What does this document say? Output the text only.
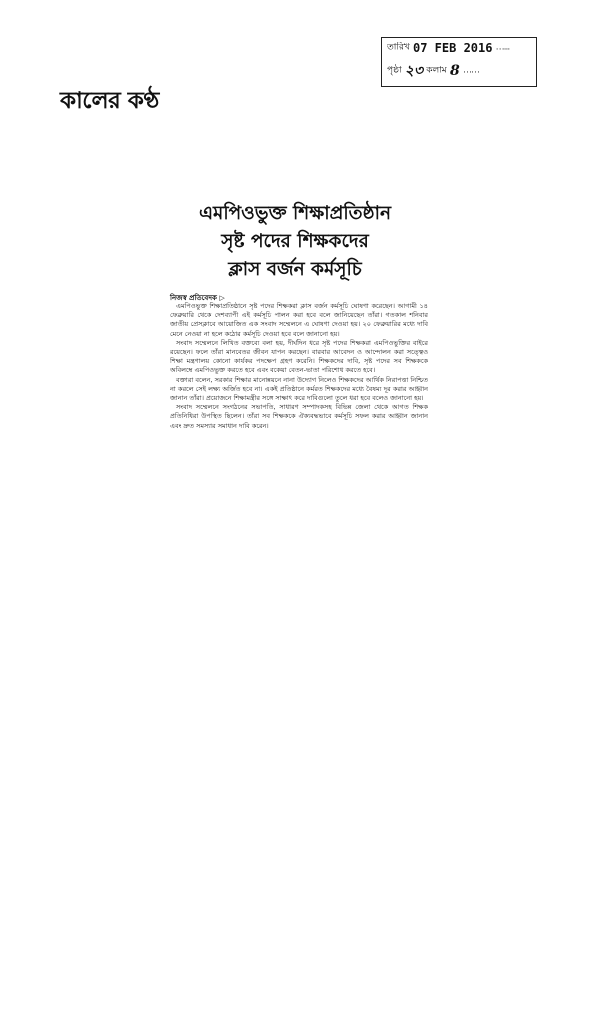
তারিখ 07 FEB 2016 …...
পৃষ্ঠা ২৩ কলাম 8 ……
কালের কণ্ঠ

এমপিওভুক্ত শিক্ষাপ্রতিষ্ঠান

সৃষ্ট পদের শিক্ষকদের

ক্লাস বর্জন কর্মসূচি

নিজস্ব প্রতিবেদক ▷

এমপিওভুক্ত শিক্ষাপ্রতিষ্ঠানে সৃষ্ট পদের শিক্ষকরা ক্লাস বর্জন কর্মসূচি ঘোষণা করেছেন। আগামী ১৪ ফেব্রুয়ারি থেকে দেশব্যাপী এই কর্মসূচি পালন করা হবে বলে জানিয়েছেন তাঁরা। গতকাল শনিবার জাতীয় প্রেসক্লাবে আয়োজিত এক সংবাদ সম্মেলনে এ ঘোষণা দেওয়া হয়। ২০ ফেব্রুয়ারির মধ্যে দাবি মেনে নেওয়া না হলে কঠোর কর্মসূচি দেওয়া হবে বলে জানানো হয়।

সংবাদ সম্মেলনে লিখিত বক্তব্যে বলা হয়, দীর্ঘদিন ধরে সৃষ্ট পদের শিক্ষকরা এমপিওভুক্তির বাইরে রয়েছেন। ফলে তাঁরা মানবেতর জীবন যাপন করছেন। বারবার আবেদন ও আন্দোলন করা সত্ত্বেও শিক্ষা মন্ত্রণালয় কোনো কার্যকর পদক্ষেপ গ্রহণ করেনি। শিক্ষকদের দাবি, সৃষ্ট পদের সব শিক্ষককে অবিলম্বে এমপিওভুক্ত করতে হবে এবং বকেয়া বেতন-ভাতা পরিশোধ করতে হবে।

বক্তারা বলেন, সরকার শিক্ষার মানোন্নয়নে নানা উদ্যোগ নিলেও শিক্ষকদের আর্থিক নিরাপত্তা নিশ্চিত না করলে সেই লক্ষ্য অর্জিত হবে না। একই প্রতিষ্ঠানে কর্মরত শিক্ষকদের মধ্যে বৈষম্য দূর করার আহ্বান জানান তাঁরা। প্রয়োজনে শিক্ষামন্ত্রীর সঙ্গে সাক্ষাৎ করে দাবিগুলো তুলে ধরা হবে বলেও জানানো হয়।

সংবাদ সম্মেলনে সংগঠনের সভাপতি, সাধারণ সম্পাদকসহ বিভিন্ন জেলা থেকে আগত শিক্ষক প্রতিনিধিরা উপস্থিত ছিলেন। তাঁরা সব শিক্ষককে ঐক্যবদ্ধভাবে কর্মসূচি সফল করার আহ্বান জানান এবং দ্রুত সমস্যার সমাধান দাবি করেন।
